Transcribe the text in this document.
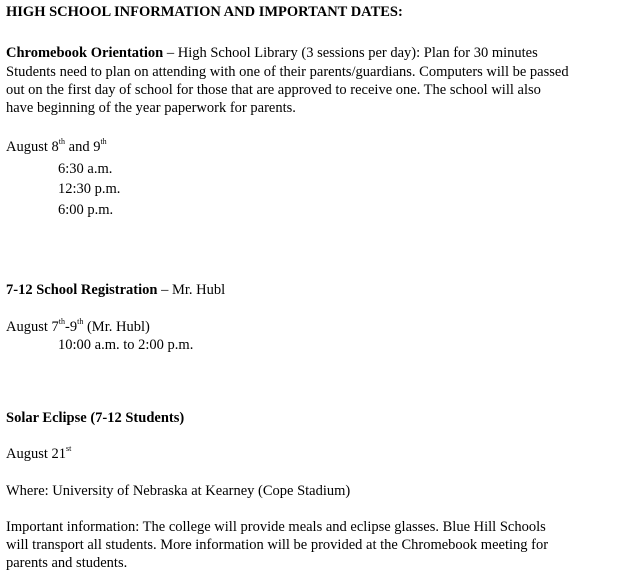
HIGH SCHOOL INFORMATION AND IMPORTANT DATES:
Chromebook Orientation – High School Library (3 sessions per day): Plan for 30 minutes
Students need to plan on attending with one of their parents/guardians. Computers will be passed
out on the first day of school for those that are approved to receive one. The school will also
have beginning of the year paperwork for parents.
August 8th and 9th
6:30 a.m.
12:30 p.m.
6:00 p.m.
7-12 School Registration – Mr. Hubl
August 7th-9th (Mr. Hubl)
10:00 a.m. to 2:00 p.m.
Solar Eclipse (7-12 Students)
August 21st
Where: University of Nebraska at Kearney (Cope Stadium)
Important information: The college will provide meals and eclipse glasses. Blue Hill Schools
will transport all students. More information will be provided at the Chromebook meeting for
parents and students.
